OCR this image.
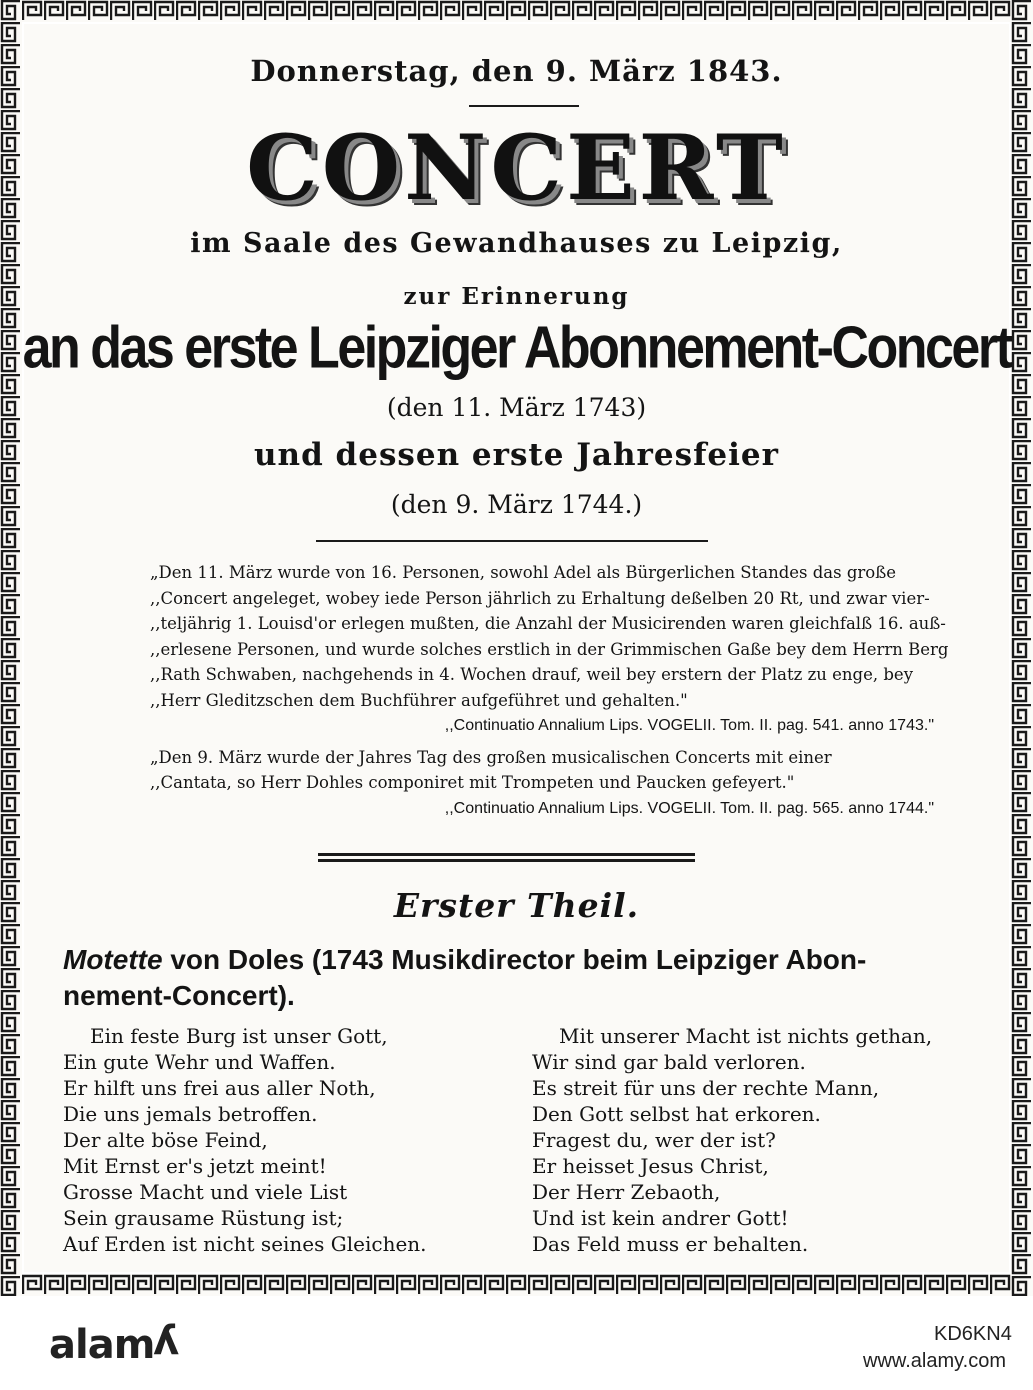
Donnerstag, den 9. März 1843.
CONCERT
im Saale des Gewandhauses zu Leipzig,
zur Erinnerung
an das erste Leipziger Abonnement-Concert
(den 11. März 1743)
und dessen erste Jahresfeier
(den 9. März 1744.)
„Den 11. März wurde von 16. Personen, sowohl Adel als Bürgerlichen Standes das große
,,Concert angeleget, wobey iede Person jährlich zu Erhaltung deßelben 20 Rt, und zwar vier-
,,teljährig 1. Louisd'or erlegen mußten, die Anzahl der Musicirenden waren gleichfalß 16. auß-
,,erlesene Personen, und wurde solches erstlich in der Grimmischen Gaße bey dem Herrn Berg
,,Rath Schwaben, nachgehends in 4. Wochen drauf, weil bey erstern der Platz zu enge, bey
,,Herr Gleditzschen dem Buchführer aufgeführet und gehalten."
,,Continuatio Annalium Lips. VOGELII. Tom. II. pag. 541. anno 1743."
„Den 9. März wurde der Jahres Tag des großen musicalischen Concerts mit einer
,,Cantata, so Herr Dohles componiret mit Trompeten und Paucken gefeyert."
,,Continuatio Annalium Lips. VOGELII. Tom. II. pag. 565. anno 1744."
Erster Theil.
Motette von Doles (1743 Musikdirector beim Leipziger Abon-
nement-Concert).
Ein feste Burg ist unser Gott,
Ein gute Wehr und Waffen.
Er hilft uns frei aus aller Noth,
Die uns jemals betroffen.
Der alte böse Feind,
Mit Ernst er's jetzt meint!
Grosse Macht und viele List
Sein grausame Rüstung ist;
Auf Erden ist nicht seines Gleichen.
Mit unserer Macht ist nichts gethan,
Wir sind gar bald verloren.
Es streit für uns der rechte Mann,
Den Gott selbst hat erkoren.
Fragest du, wer der ist?
Er heisset Jesus Christ,
Der Herr Zebaoth,
Und ist kein andrer Gott!
Das Feld muss er behalten.
alamy	KD6KN4
www.alamy.com
